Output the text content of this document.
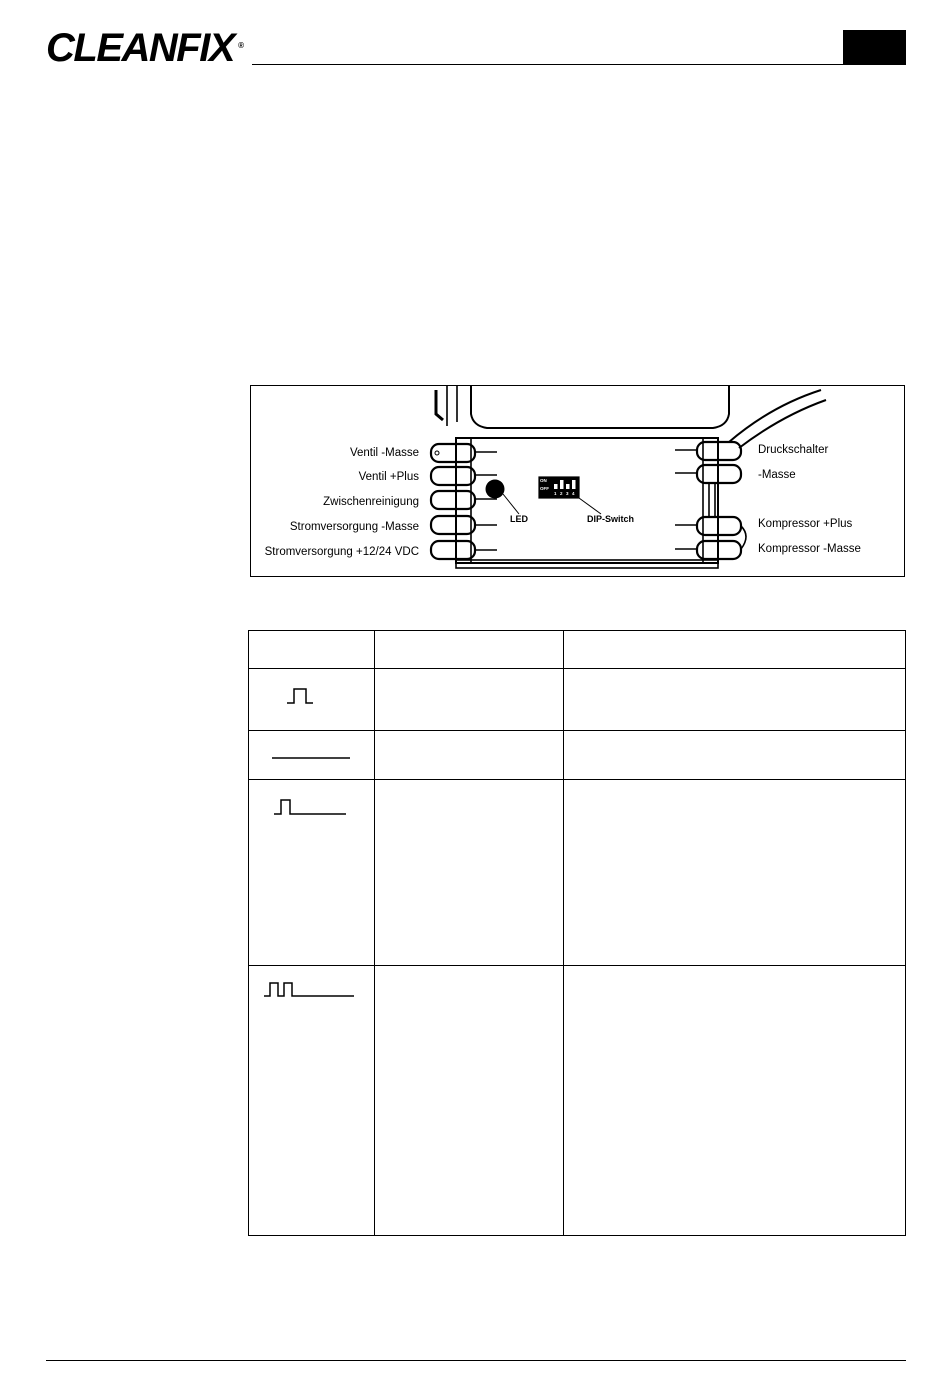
CLEANFIX ®
ON
OFF
1 2 3 4
Ventil -Masse
Ventil +Plus
Zwischenreinigung
Stromversorgung -Masse
Stromversorgung +12/24 VDC
Druckschalter
-Masse
Kompressor +Plus
Kompressor -Masse
LED	DIP-Switch
